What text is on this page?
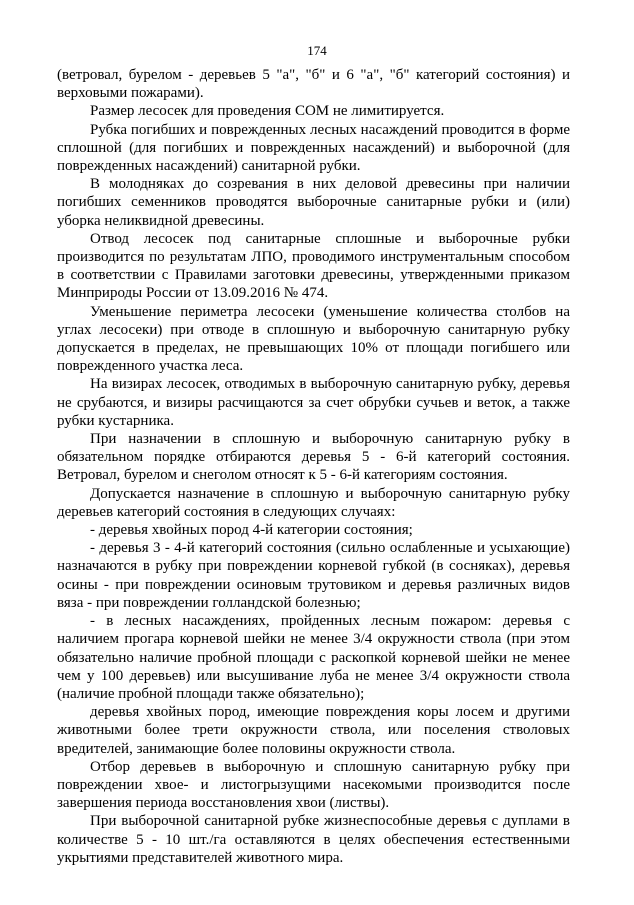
174

(ветровал, бурелом - деревьев 5 "а", "б" и 6 "а", "б" категорий состояния) и верховыми пожарами).

Размер лесосек для проведения СОМ не лимитируется.

Рубка погибших и поврежденных лесных насаждений проводится в форме сплошной (для погибших и поврежденных насаждений) и выборочной (для поврежденных насаждений) санитарной рубки.

В молодняках до созревания в них деловой древесины при наличии погибших семенников проводятся выборочные санитарные рубки и (или) уборка неликвидной древесины.

Отвод лесосек под санитарные сплошные и выборочные рубки производится по результатам ЛПО, проводимого инструментальным способом в соответствии с Правилами заготовки древесины, утвержденными приказом Минприроды России от 13.09.2016 № 474.

Уменьшение периметра лесосеки (уменьшение количества столбов на углах лесосеки) при отводе в сплошную и выборочную санитарную рубку допускается в пределах, не превышающих 10% от площади погибшего или поврежденного участка леса.

На визирах лесосек, отводимых в выборочную санитарную рубку, деревья не срубаются, и визиры расчищаются за счет обрубки сучьев и веток, а также рубки кустарника.

При назначении в сплошную и выборочную санитарную рубку в обязательном порядке отбираются деревья 5 - 6-й категорий состояния. Ветровал, бурелом и снеголом относят к 5 - 6-й категориям состояния.

Допускается назначение в сплошную и выборочную санитарную рубку деревьев категорий состояния в следующих случаях:

- деревья хвойных пород 4-й категории состояния;

- деревья 3 - 4-й категорий состояния (сильно ослабленные и усыхающие) назначаются в рубку при повреждении корневой губкой (в сосняках), деревья осины - при повреждении осиновым трутовиком и деревья различных видов вяза - при повреждении голландской болезнью;

- в лесных насаждениях, пройденных лесным пожаром: деревья с наличием прогара корневой шейки не менее 3/4 окружности ствола (при этом обязательно наличие пробной площади с раскопкой корневой шейки не менее чем у 100 деревьев) или высушивание луба не менее 3/4 окружности ствола (наличие пробной площади также обязательно);

деревья хвойных пород, имеющие повреждения коры лосем и другими животными более трети окружности ствола, или поселения стволовых вредителей, занимающие более половины окружности ствола.

Отбор деревьев в выборочную и сплошную санитарную рубку при повреждении хвое- и листогрызущими насекомыми производится после завершения периода восстановления хвои (листвы).

При выборочной санитарной рубке жизнеспособные деревья с дуплами в количестве 5 - 10 шт./га оставляются в целях обеспечения естественными укрытиями представителей животного мира.
